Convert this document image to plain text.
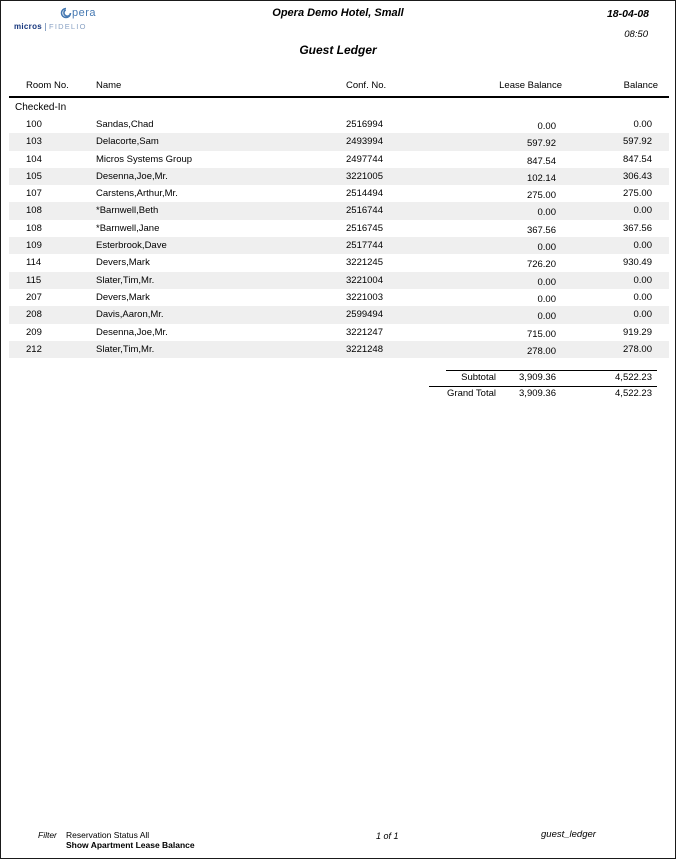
pera
micros FIDELIO
Opera Demo Hotel, Small	18-04-08
08:50
Guest Ledger
Room No.	Name	Conf. No.	Lease Balance	Balance
Checked-In
100	Sandas,Chad	2516994	0.00	0.00
103	Delacorte,Sam	2493994	597.92	597.92
104	Micros Systems Group	2497744	847.54	847.54
105	Desenna,Joe,Mr.	3221005	102.14	306.43
107	Carstens,Arthur,Mr.	2514494	275.00	275.00
108	*Barnwell,Beth	2516744	0.00	0.00
108	*Barnwell,Jane	2516745	367.56	367.56
109	Esterbrook,Dave	2517744	0.00	0.00
114	Devers,Mark	3221245	726.20	930.49
115	Slater,Tim,Mr.	3221004	0.00	0.00
207	Devers,Mark	3221003	0.00	0.00
208	Davis,Aaron,Mr.	2599494	0.00	0.00
209	Desenna,Joe,Mr.	3221247	715.00	919.29
212	Slater,Tim,Mr.	3221248	278.00	278.00
Subtotal	3,909.36	4,522.23
Grand Total	3,909.36	4,522.23
Filter Reservation Status All
Show Apartment Lease Balance
1 of 1	guest_ledger
